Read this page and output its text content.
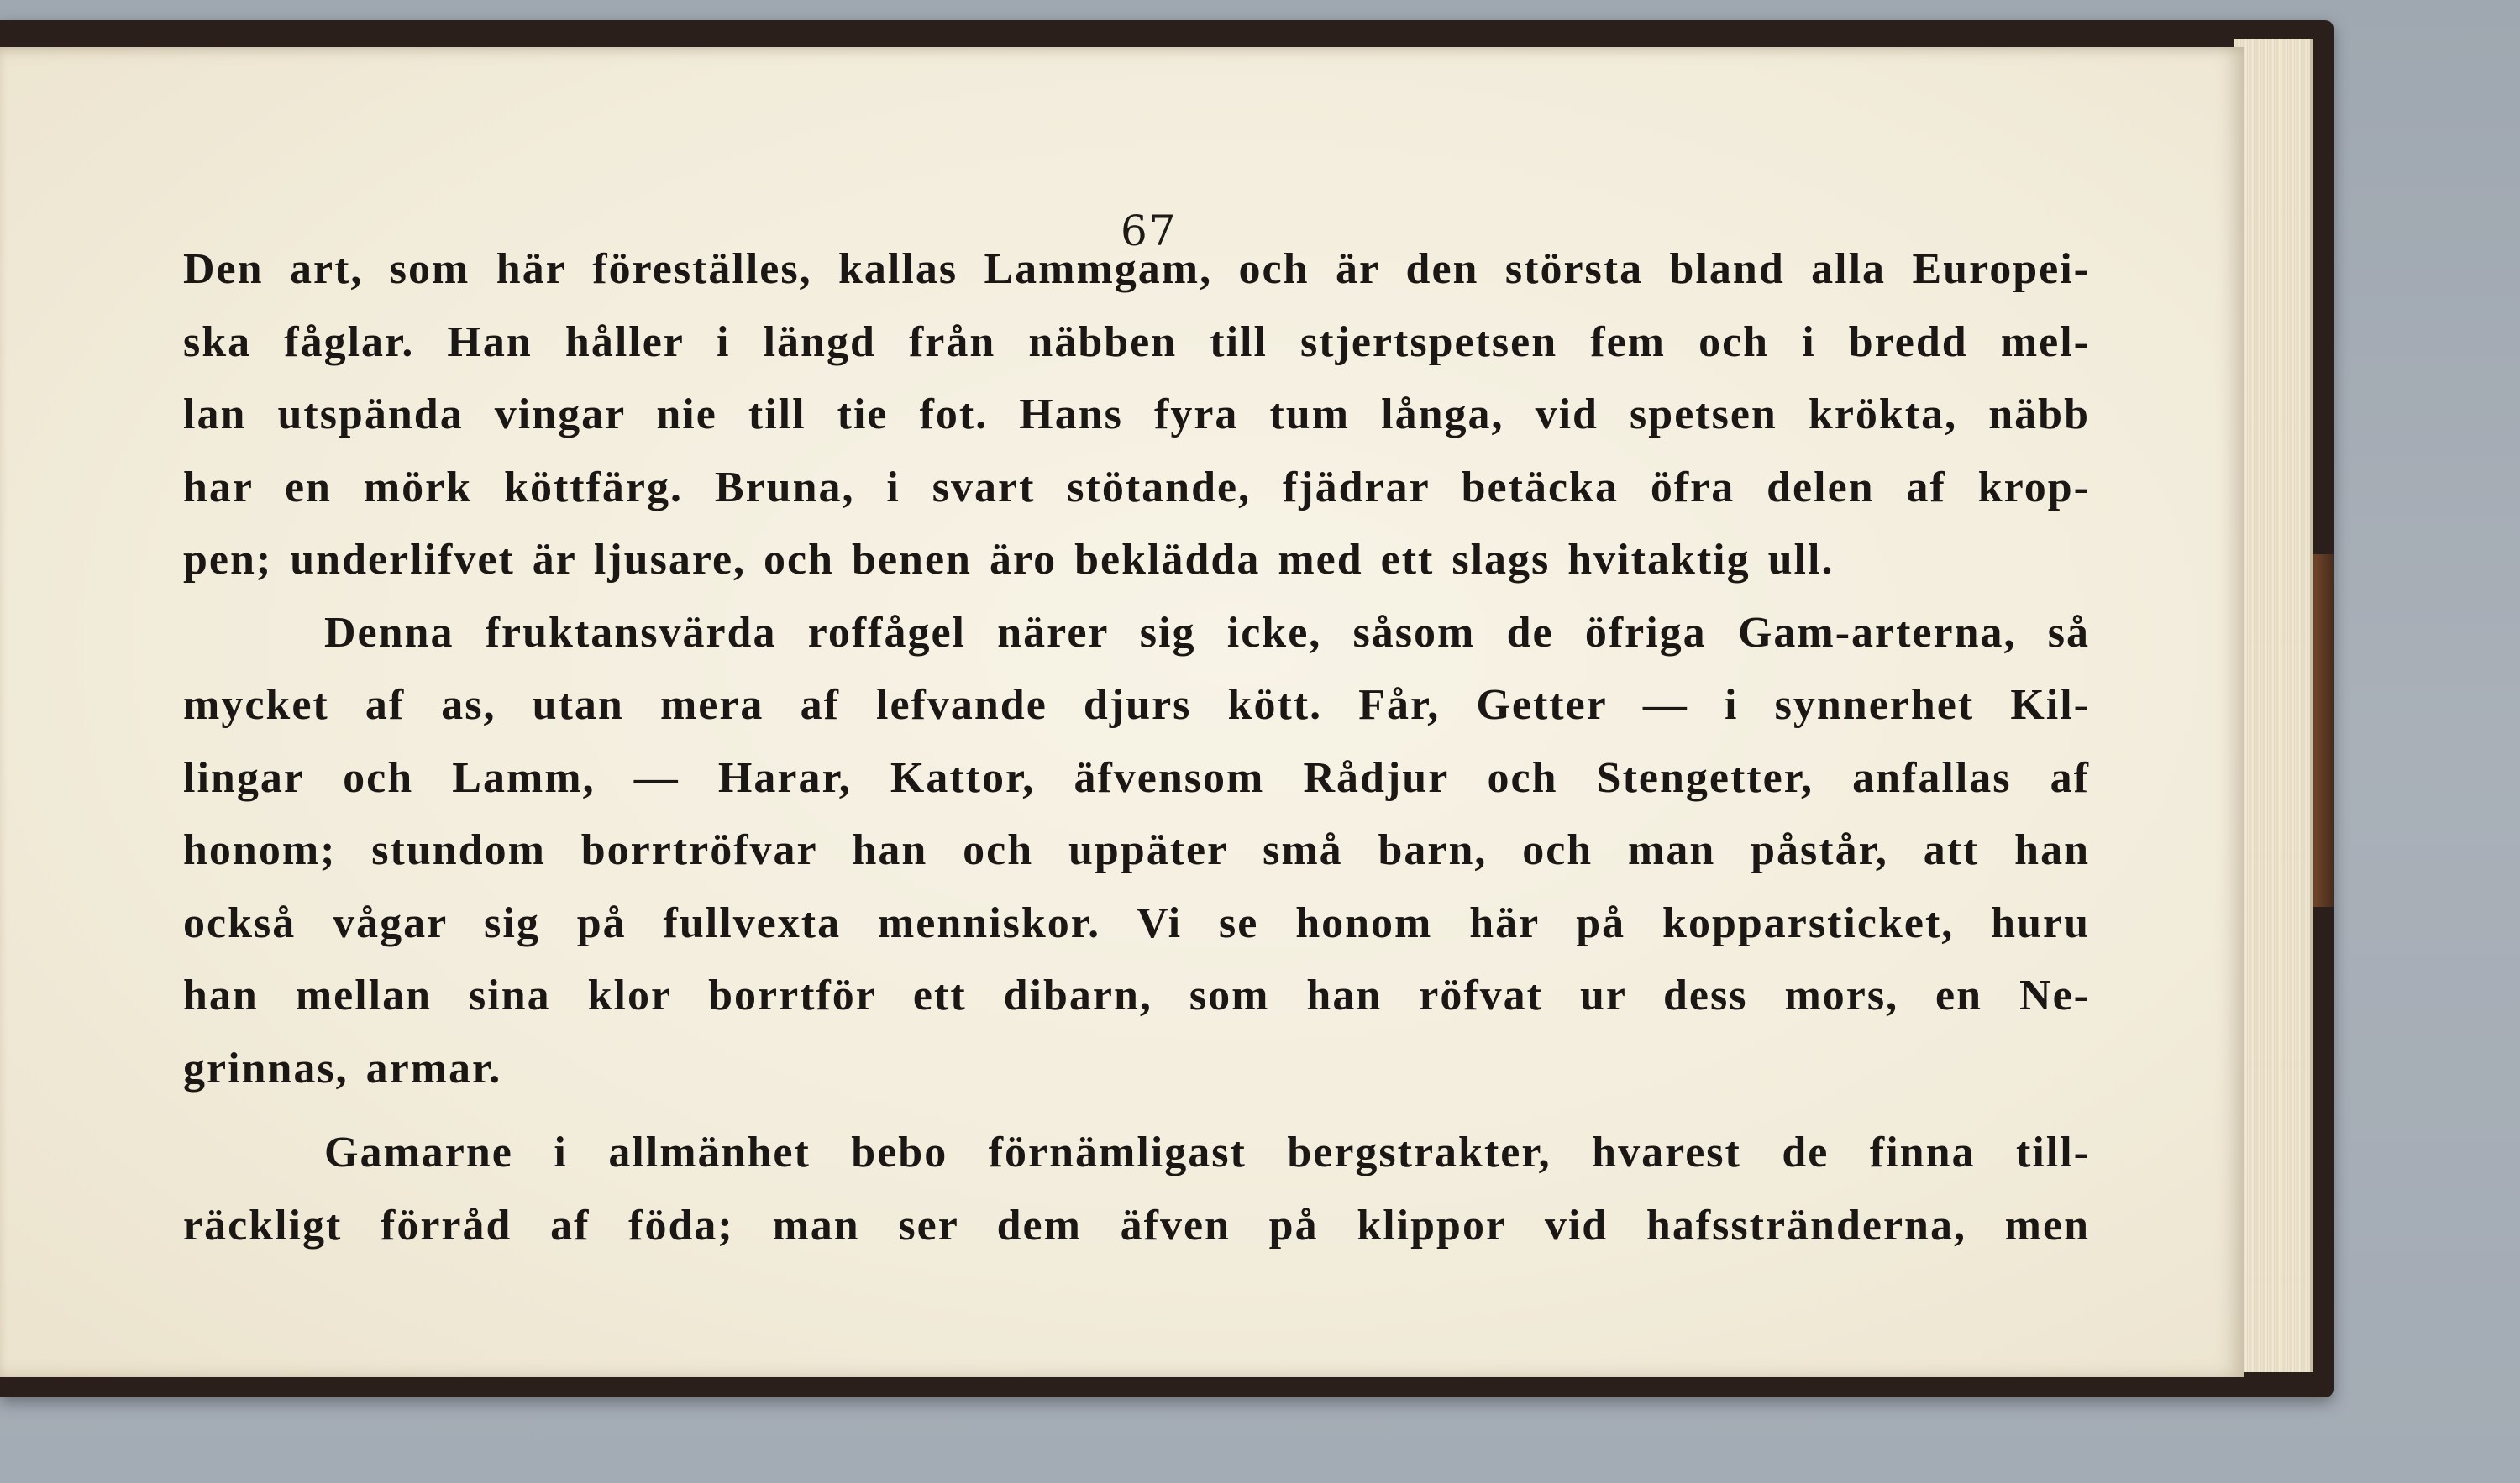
67
Den art, som här föreställes, kallas Lammgam, och är den största bland alla Europei-
ska fåglar. Han håller i längd från näbben till stjertspetsen fem och i bredd mel-
lan utspända vingar nie till tie fot. Hans fyra tum långa, vid spetsen krökta, näbb
har en mörk köttfärg. Bruna, i svart stötande, fjädrar betäcka öfra delen af krop-
pen; underlifvet är ljusare, och benen äro beklädda med ett slags hvitaktig ull.
Denna fruktansvärda roffågel närer sig icke, såsom de öfriga Gam-arterna, så
mycket af as, utan mera af lefvande djurs kött. Får, Getter — i synnerhet Kil-
lingar och Lamm, — Harar, Kattor, äfvensom Rådjur och Stengetter, anfallas af
honom; stundom borrtröfvar han och uppäter små barn, och man påstår, att han
också vågar sig på fullvexta menniskor. Vi se honom här på kopparsticket, huru
han mellan sina klor borrtför ett dibarn, som han röfvat ur dess mors, en Ne-
grinnas, armar.
Gamarne i allmänhet bebo förnämligast bergstrakter, hvarest de finna till-
räckligt förråd af föda; man ser dem äfven på klippor vid hafsstränderna, men
